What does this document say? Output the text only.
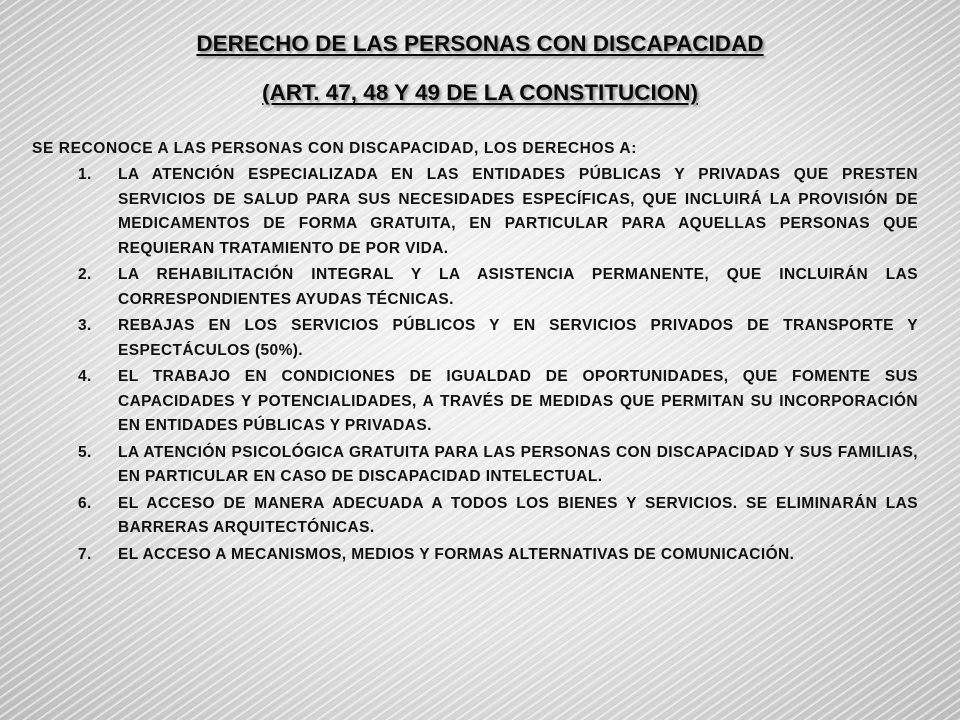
DERECHO DE LAS PERSONAS CON DISCAPACIDAD
(ART. 47, 48 Y 49 DE LA CONSTITUCION)
SE RECONOCE A LAS PERSONAS CON DISCAPACIDAD, LOS DERECHOS A:
1.	LA ATENCIÓN ESPECIALIZADA EN LAS ENTIDADES PÚBLICAS Y PRIVADAS QUE PRESTEN SERVICIOS DE SALUD PARA SUS NECESIDADES ESPECÍFICAS, QUE INCLUIRÁ LA PROVISIÓN DE MEDICAMENTOS DE FORMA GRATUITA, EN PARTICULAR PARA AQUELLAS PERSONAS QUE REQUIERAN TRATAMIENTO DE POR VIDA.
2.	LA REHABILITACIÓN INTEGRAL Y LA ASISTENCIA PERMANENTE, QUE INCLUIRÁN LAS CORRESPONDIENTES AYUDAS TÉCNICAS.
3.	REBAJAS EN LOS SERVICIOS PÚBLICOS Y EN SERVICIOS PRIVADOS DE TRANSPORTE Y ESPECTÁCULOS (50%).
4.	EL TRABAJO EN CONDICIONES DE IGUALDAD DE OPORTUNIDADES, QUE FOMENTE SUS CAPACIDADES Y POTENCIALIDADES, A TRAVÉS DE MEDIDAS QUE PERMITAN SU INCORPORACIÓN EN ENTIDADES PÚBLICAS Y PRIVADAS.
5.	LA ATENCIÓN PSICOLÓGICA GRATUITA PARA LAS PERSONAS CON DISCAPACIDAD Y SUS FAMILIAS, EN PARTICULAR EN CASO DE DISCAPACIDAD INTELECTUAL.
6.	EL ACCESO DE MANERA ADECUADA A TODOS LOS BIENES Y SERVICIOS. SE ELIMINARÁN LAS BARRERAS ARQUITECTÓNICAS.
7.	EL ACCESO A MECANISMOS, MEDIOS Y FORMAS ALTERNATIVAS DE COMUNICACIÓN.
